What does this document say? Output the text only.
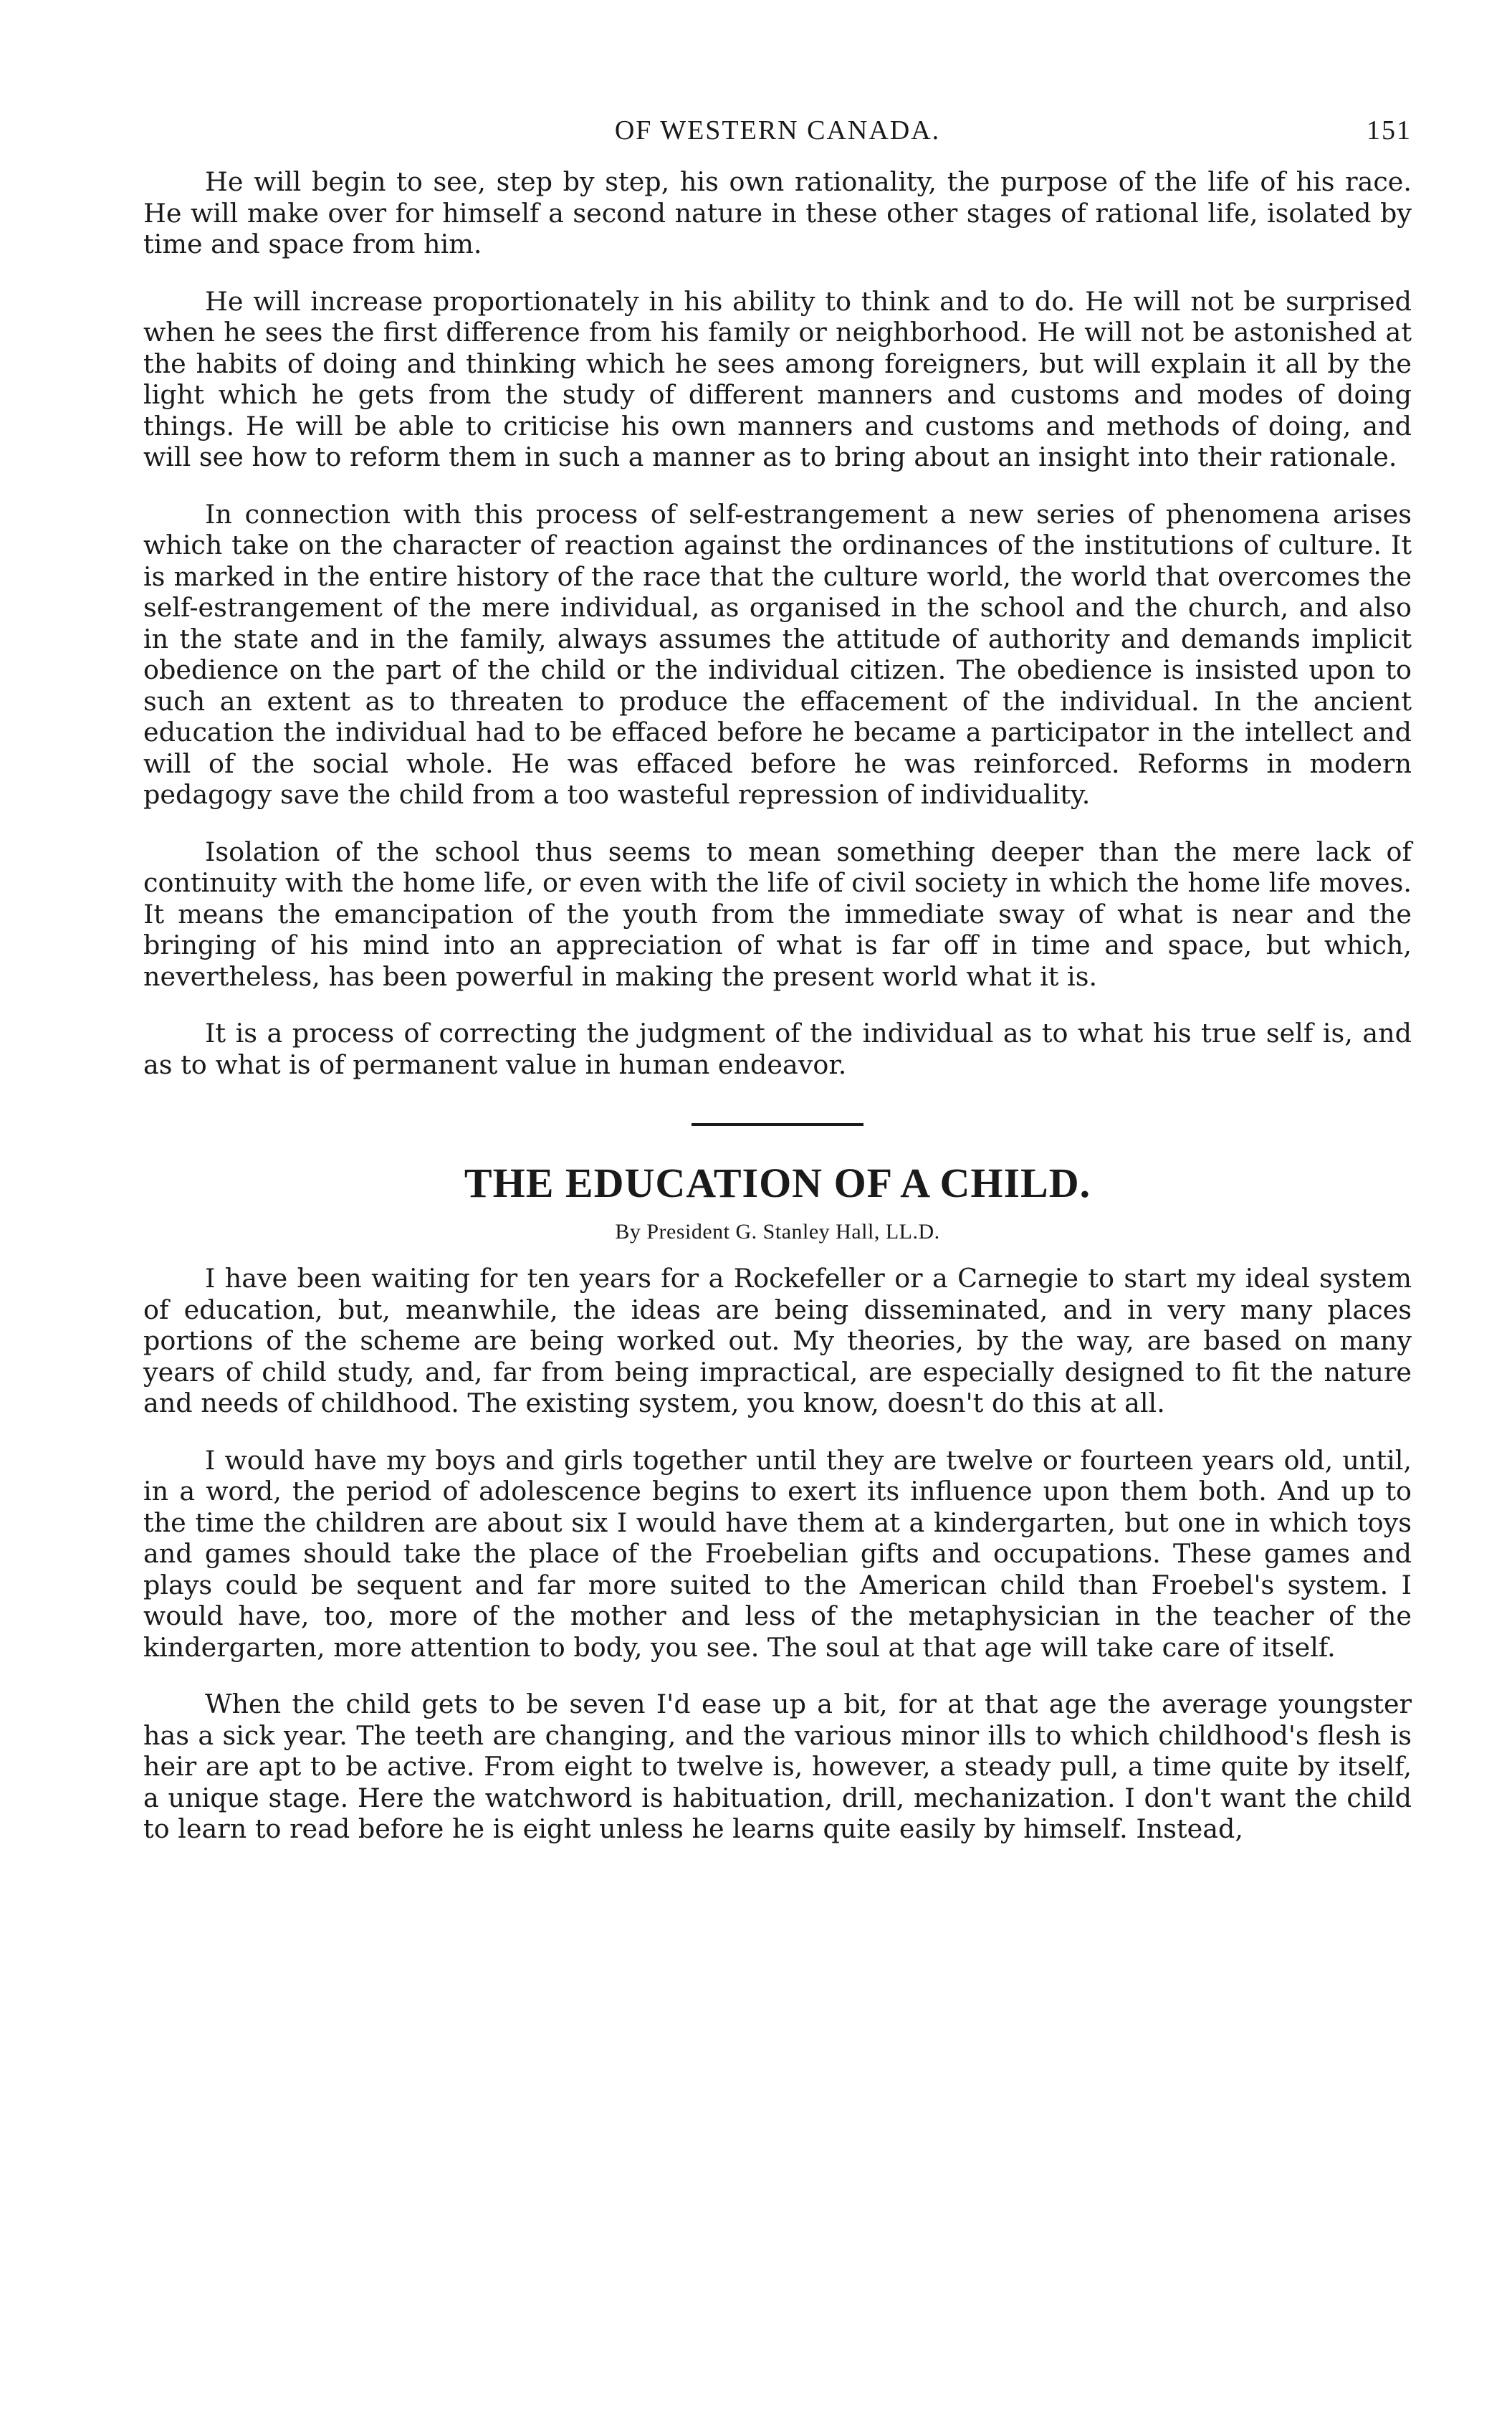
OF WESTERN CANADA.	151

He will begin to see, step by step, his own rationality, the purpose of the life of his race. He will make over for himself a second nature in these other stages of rational life, isolated by time and space from him.

He will increase proportionately in his ability to think and to do. He will not be surprised when he sees the first difference from his family or neighborhood. He will not be astonished at the habits of doing and thinking which he sees among foreigners, but will explain it all by the light which he gets from the study of different manners and customs and modes of doing things. He will be able to criticise his own manners and customs and methods of doing, and will see how to reform them in such a manner as to bring about an insight into their rationale.

In connection with this process of self-estrangement a new series of phenomena arises which take on the character of reaction against the ordinances of the institutions of culture. It is marked in the entire history of the race that the culture world, the world that overcomes the self-estrangement of the mere individual, as organised in the school and the church, and also in the state and in the family, always assumes the attitude of authority and demands implicit obedience on the part of the child or the individual citizen. The obedience is insisted upon to such an extent as to threaten to produce the effacement of the individual. In the ancient education the individual had to be effaced before he became a participator in the intellect and will of the social whole. He was effaced before he was reinforced. Reforms in modern pedagogy save the child from a too wasteful repression of individuality.

Isolation of the school thus seems to mean something deeper than the mere lack of continuity with the home life, or even with the life of civil society in which the home life moves. It means the emancipation of the youth from the immediate sway of what is near and the bringing of his mind into an appreciation of what is far off in time and space, but which, nevertheless, has been powerful in making the present world what it is.

It is a process of correcting the judgment of the individual as to what his true self is, and as to what is of permanent value in human endeavor.

THE EDUCATION OF A CHILD.
By President G. Stanley Hall, LL.D.

I have been waiting for ten years for a Rockefeller or a Carnegie to start my ideal system of education, but, meanwhile, the ideas are being disseminated, and in very many places portions of the scheme are being worked out. My theories, by the way, are based on many years of child study, and, far from being impractical, are especially designed to fit the nature and needs of childhood. The existing system, you know, doesn't do this at all.

I would have my boys and girls together until they are twelve or fourteen years old, until, in a word, the period of adolescence begins to exert its influence upon them both. And up to the time the children are about six I would have them at a kindergarten, but one in which toys and games should take the place of the Froebelian gifts and occupations. These games and plays could be sequent and far more suited to the American child than Froebel's system. I would have, too, more of the mother and less of the metaphysician in the teacher of the kindergarten, more attention to body, you see. The soul at that age will take care of itself.

When the child gets to be seven I'd ease up a bit, for at that age the average youngster has a sick year. The teeth are changing, and the various minor ills to which childhood's flesh is heir are apt to be active. From eight to twelve is, however, a steady pull, a time quite by itself, a unique stage. Here the watchword is habituation, drill, mechanization. I don't want the child to learn to read before he is eight unless he learns quite easily by himself. Instead,
